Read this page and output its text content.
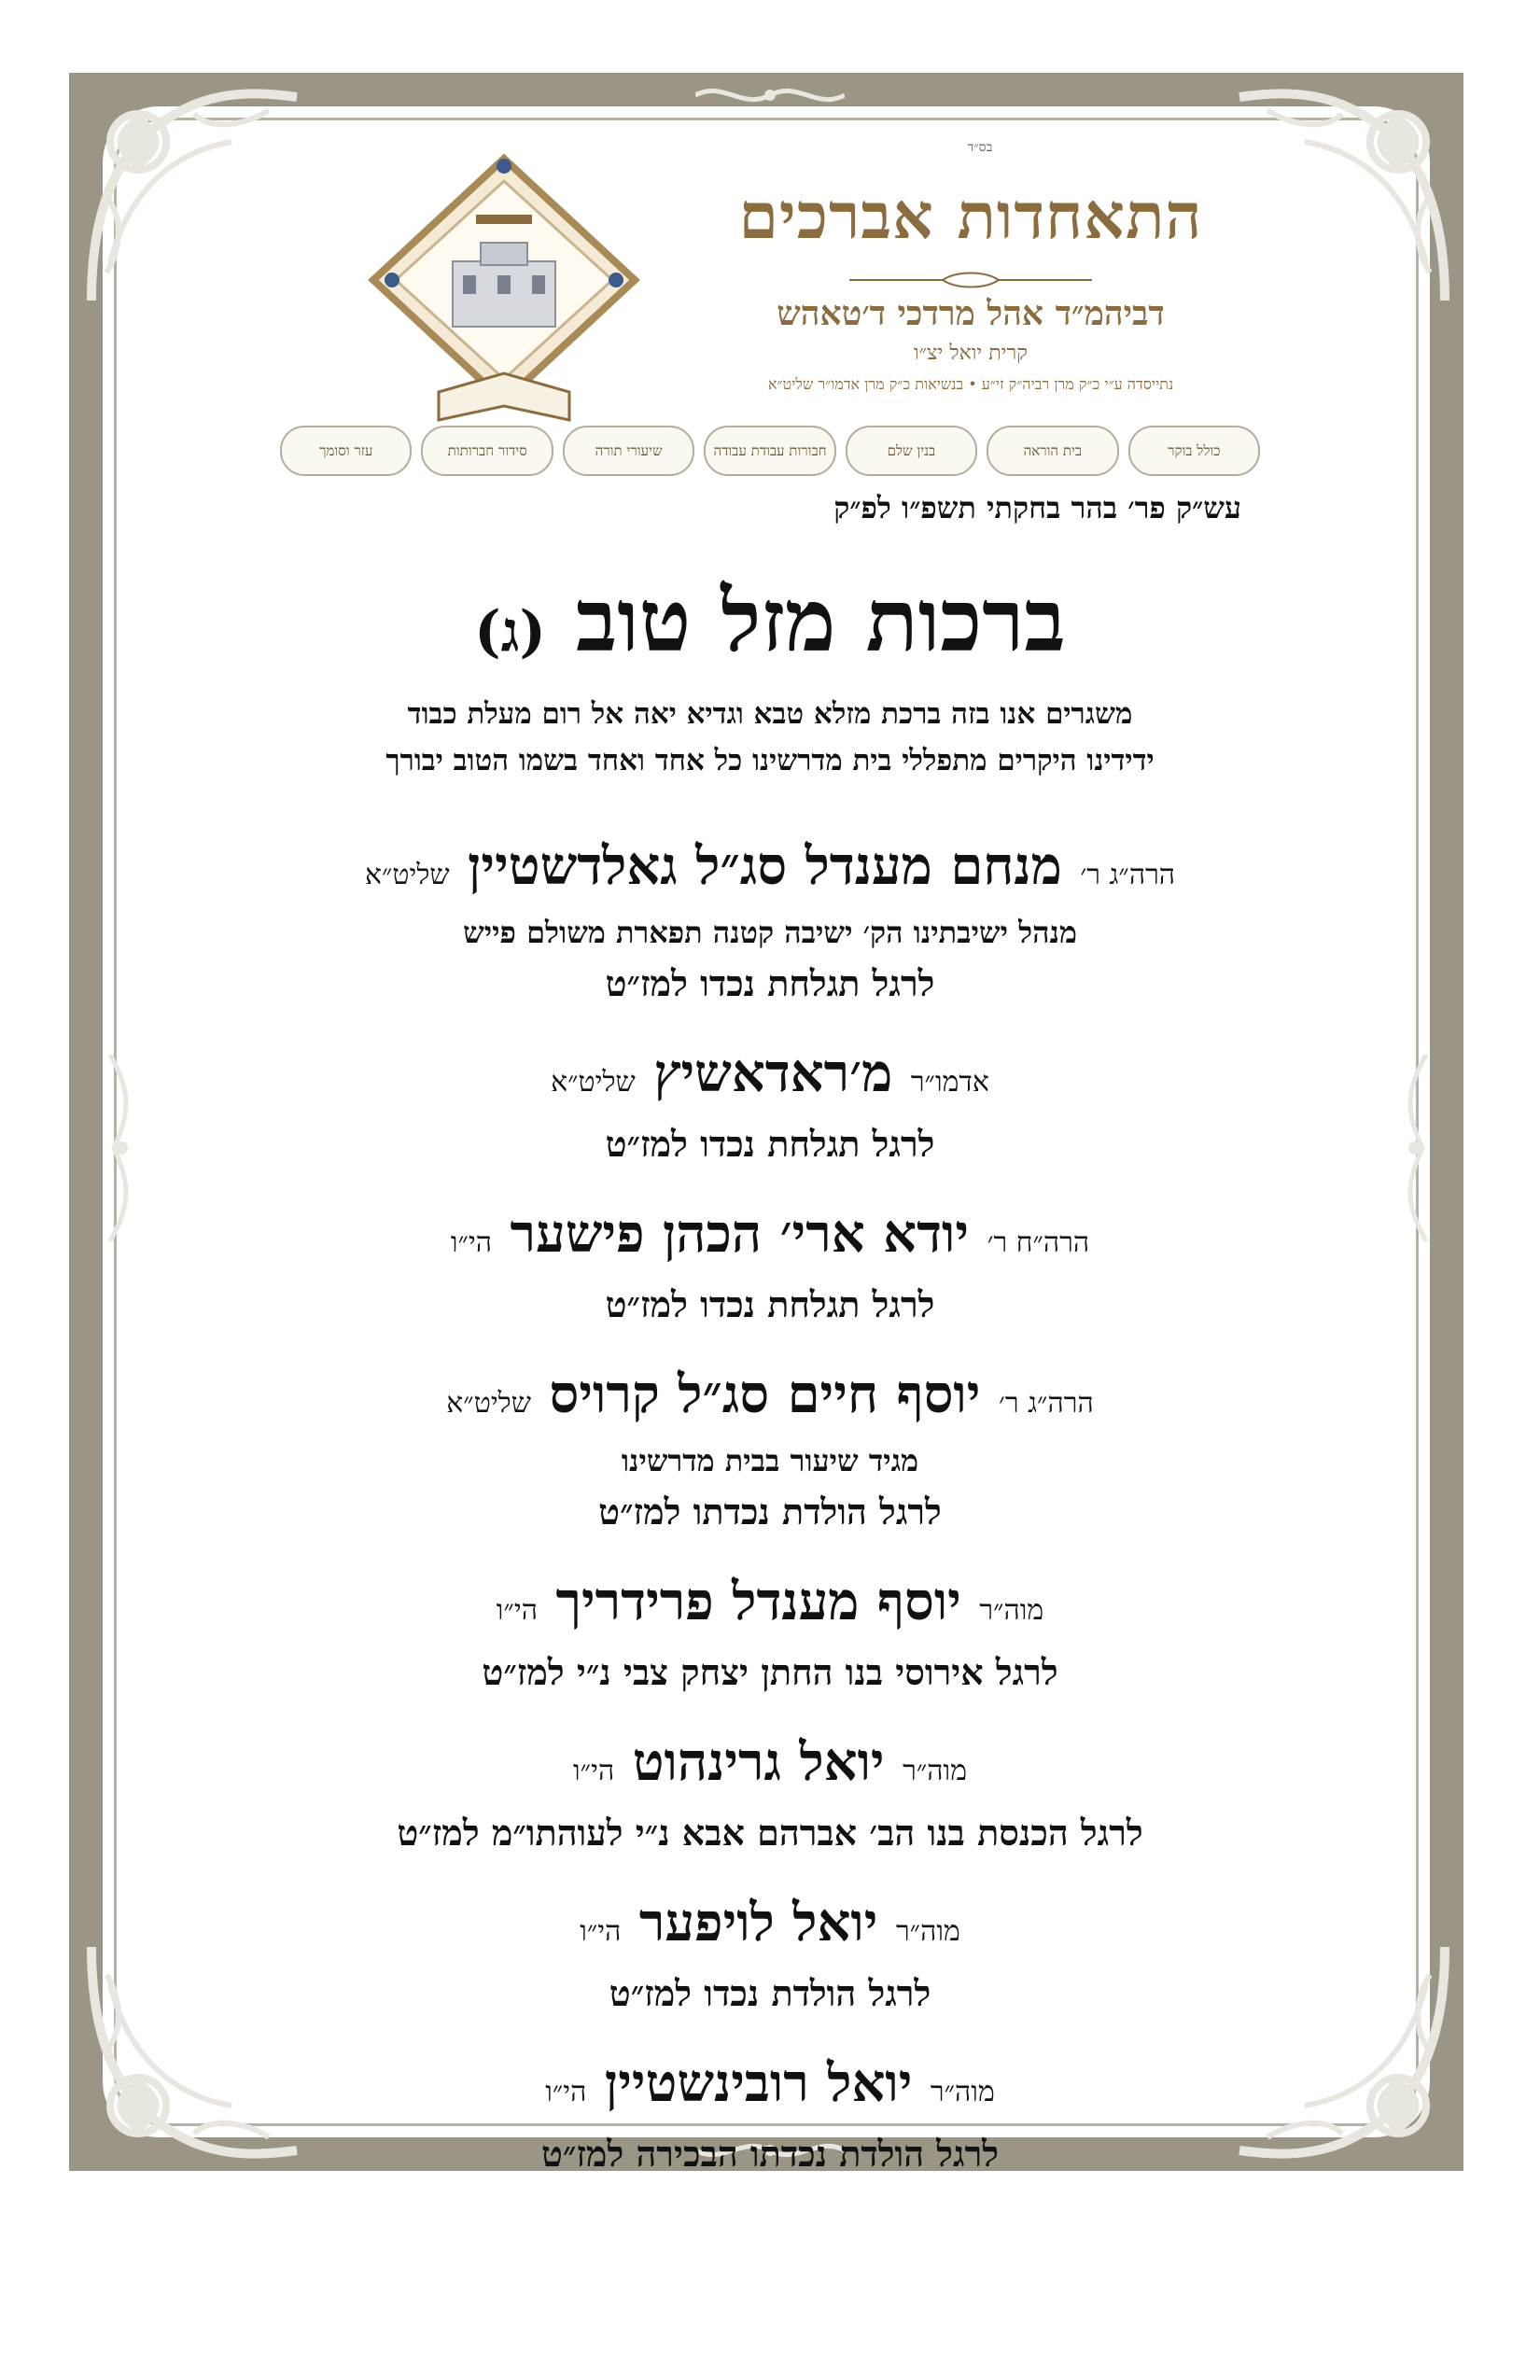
בס״ד
התאחדות אברכים
דביהמ״ד אהל מרדכי ד׳טאהש
קרית יואל יצ״ו
נתייסדה ע״י כ״ק מרן רביה״ק זי״ע • בנשיאות כ״ק מרן אדמו״ר שליט״א
כולל בוקר
בית הוראה
בנין שלם
חבורות עבודת עבודה
שיעורי תורה
סידור חברותות
עזר וסומך
עש״ק פר׳ בהר בחקתי תשפ״ו לפ״ק
ברכות מזל טוב (ג)
משגרים אנו בזה ברכת מזלא טבא וגדיא יאה אל רום מעלת כבוד
ידידינו היקרים מתפללי בית מדרשינו כל אחד ואחד בשמו הטוב יבורך
הרה״ג ר׳ מנחם מענדל סג״ל גאלדשטיין שליט״א
מנהל ישיבתינו הק׳ ישיבה קטנה תפארת משולם פייש
לרגל תגלחת נכדו למז״ט
אדמו״ר מ׳ראדאשיץ שליט״א
לרגל תגלחת נכדו למז״ט
הרה״ח ר׳ יודא ארי׳ הכהן פישער הי״ו
לרגל תגלחת נכדו למז״ט
הרה״ג ר׳ יוסף חיים סג״ל קרויס שליט״א
מגיד שיעור בבית מדרשינו
לרגל הולדת נכדתו למז״ט
מוה״ר יוסף מענדל פרידריך הי״ו
לרגל אירוסי בנו החתן יצחק צבי נ״י למז״ט
מוה״ר יואל גרינהוט הי״ו
לרגל הכנסת בנו הב׳ אברהם אבא נ״י לעוהתו״מ למז״ט
מוה״ר יואל לויפער הי״ו
לרגל הולדת נכדו למז״ט
מוה״ר יואל רובינשטיין הי״ו
לרגל הולדת נכדתו הבכירה למז״ט
